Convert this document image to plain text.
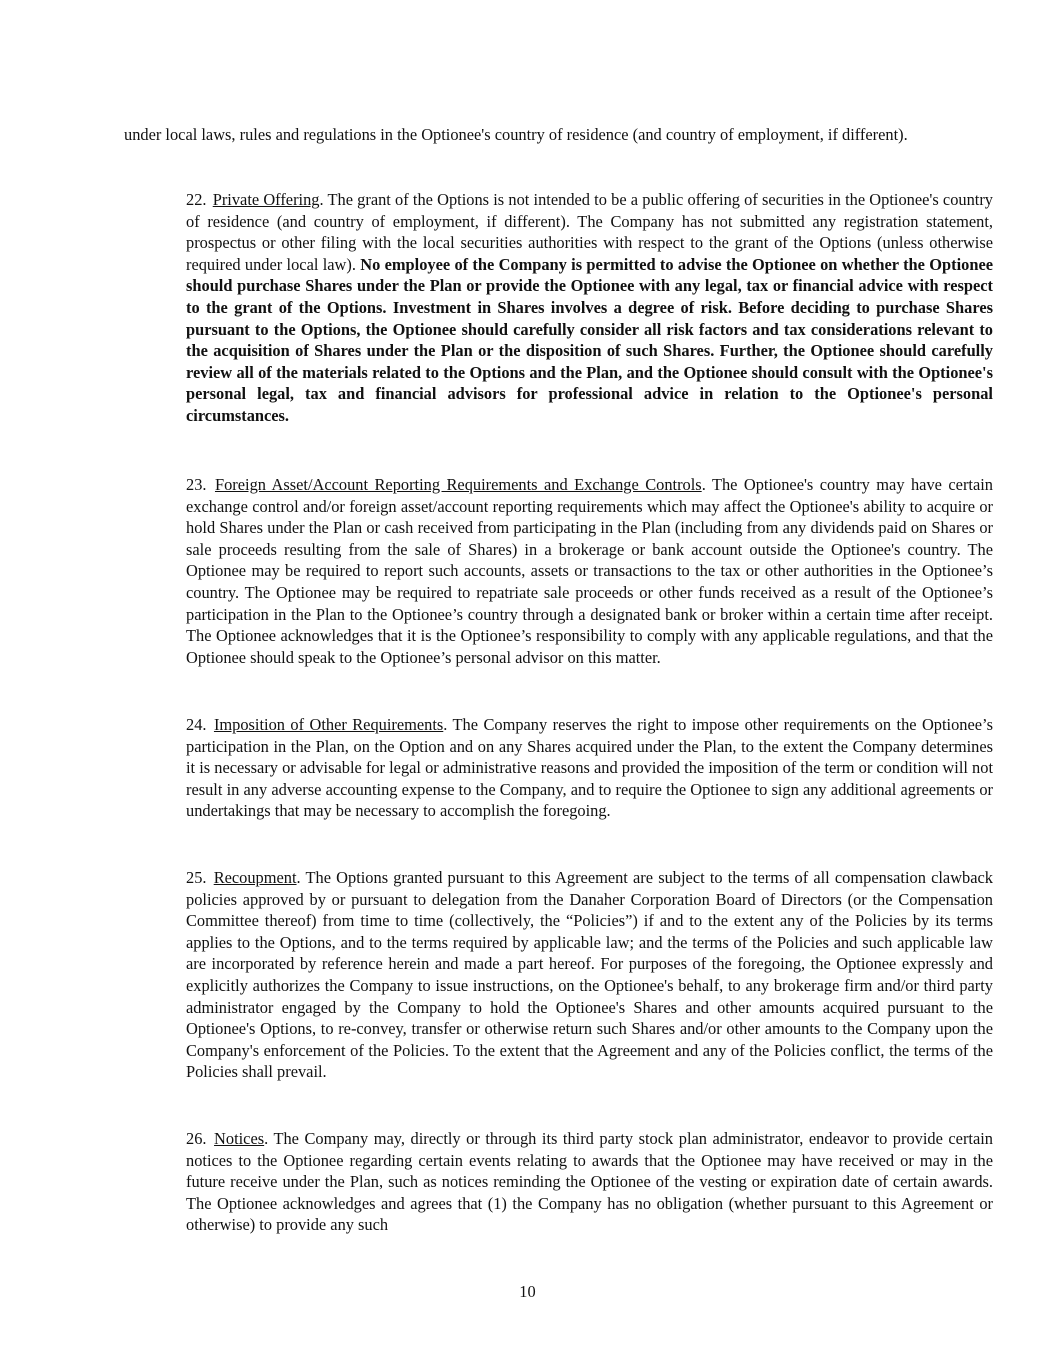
under local laws, rules and regulations in the Optionee's country of residence (and country of employment, if different).

22. Private Offering. The grant of the Options is not intended to be a public offering of securities in the Optionee's country of residence (and country of employment, if different). The Company has not submitted any registration statement, prospectus or other filing with the local securities authorities with respect to the grant of the Options (unless otherwise required under local law). No employee of the Company is permitted to advise the Optionee on whether the Optionee should purchase Shares under the Plan or provide the Optionee with any legal, tax or financial advice with respect to the grant of the Options. Investment in Shares involves a degree of risk. Before deciding to purchase Shares pursuant to the Options, the Optionee should carefully consider all risk factors and tax considerations relevant to the acquisition of Shares under the Plan or the disposition of such Shares. Further, the Optionee should carefully review all of the materials related to the Options and the Plan, and the Optionee should consult with the Optionee's personal legal, tax and financial advisors for professional advice in relation to the Optionee's personal circumstances.

23. Foreign Asset/Account Reporting Requirements and Exchange Controls. The Optionee's country may have certain exchange control and/or foreign asset/account reporting requirements which may affect the Optionee's ability to acquire or hold Shares under the Plan or cash received from participating in the Plan (including from any dividends paid on Shares or sale proceeds resulting from the sale of Shares) in a brokerage or bank account outside the Optionee's country. The Optionee may be required to report such accounts, assets or transactions to the tax or other authorities in the Optionee’s country. The Optionee may be required to repatriate sale proceeds or other funds received as a result of the Optionee’s participation in the Plan to the Optionee’s country through a designated bank or broker within a certain time after receipt. The Optionee acknowledges that it is the Optionee’s responsibility to comply with any applicable regulations, and that the Optionee should speak to the Optionee’s personal advisor on this matter.

24. Imposition of Other Requirements. The Company reserves the right to impose other requirements on the Optionee’s participation in the Plan, on the Option and on any Shares acquired under the Plan, to the extent the Company determines it is necessary or advisable for legal or administrative reasons and provided the imposition of the term or condition will not result in any adverse accounting expense to the Company, and to require the Optionee to sign any additional agreements or undertakings that may be necessary to accomplish the foregoing.

25. Recoupment. The Options granted pursuant to this Agreement are subject to the terms of all compensation clawback policies approved by or pursuant to delegation from the Danaher Corporation Board of Directors (or the Compensation Committee thereof) from time to time (collectively, the “Policies”) if and to the extent any of the Policies by its terms applies to the Options, and to the terms required by applicable law; and the terms of the Policies and such applicable law are incorporated by reference herein and made a part hereof. For purposes of the foregoing, the Optionee expressly and explicitly authorizes the Company to issue instructions, on the Optionee's behalf, to any brokerage firm and/or third party administrator engaged by the Company to hold the Optionee's Shares and other amounts acquired pursuant to the Optionee's Options, to re-convey, transfer or otherwise return such Shares and/or other amounts to the Company upon the Company's enforcement of the Policies. To the extent that the Agreement and any of the Policies conflict, the terms of the Policies shall prevail.

26. Notices. The Company may, directly or through its third party stock plan administrator, endeavor to provide certain notices to the Optionee regarding certain events relating to awards that the Optionee may have received or may in the future receive under the Plan, such as notices reminding the Optionee of the vesting or expiration date of certain awards. The Optionee acknowledges and agrees that (1) the Company has no obligation (whether pursuant to this Agreement or otherwise) to provide any such

10
